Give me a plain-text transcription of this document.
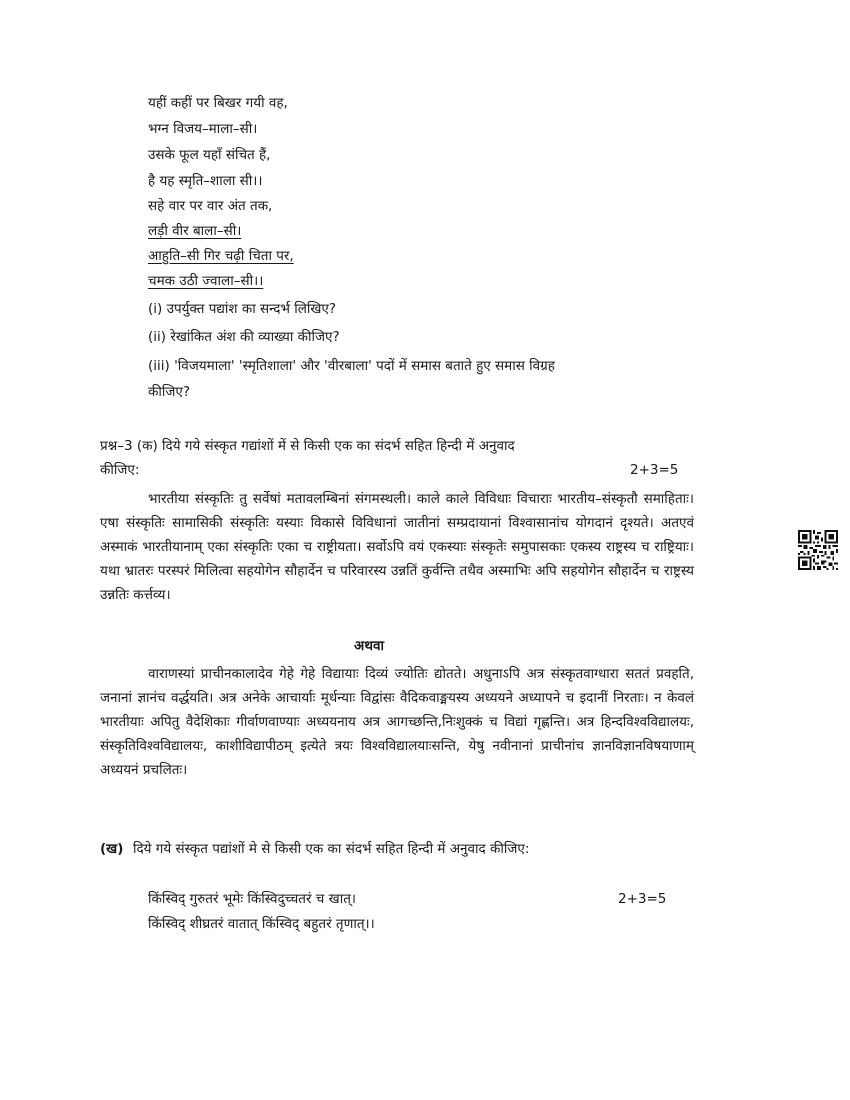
यहीं कहीं पर बिखर गयी वह,
भग्न विजय–माला–सी।
उसके फूल यहाँ संचित हैं,
है यह स्मृति–शाला सी।।
सहे वार पर वार अंत तक,
लड़ी वीर बाला–सी।
आहुति–सी गिर चढ़ी चिता पर,
चमक उठी ज्वाला–सी।।
(i) उपर्युक्त पद्यांश का सन्दर्भ लिखिए?
(ii) रेखांकित अंश की व्याख्या कीजिए?
(iii) 'विजयमाला' 'स्मृतिशाला' और 'वीरबाला' पदों में समास बताते हुए समास विग्रह
कीजिए?
प्रश्न–3 (क) दिये गये संस्कृत गद्यांशों में से किसी एक का संदर्भ सहित हिन्दी में अनुवाद
कीजिए:	2+3=5
भारतीया संस्कृतिः तु सर्वेषां मतावलम्बिनां संगमस्थली। काले काले विविधाः विचाराः भारतीय–संस्कृतौ समाहिताः। एषा संस्कृतिः सामासिकी संस्कृतिः यस्याः विकासे विविधानां जातीनां सम्प्रदायानां विश्वासानांच योगदानं दृश्यते। अतएवं अस्माकं भारतीयानाम् एका संस्कृतिः एका च राष्ट्रीयता। सर्वोऽपि वयं एकस्याः संस्कृतेः समुपासकाः एकस्य राष्ट्रस्य च राष्ट्रियाः। यथा भ्रातरः परस्परं मिलित्वा सहयोगेन सौहार्देन च परिवारस्य उन्नतिं कुर्वन्ति तथैव अस्माभिः अपि सहयोगेन सौहार्देन च राष्ट्रस्य उन्नतिः कर्त्तव्य।
अथवा
वाराणस्यां प्राचीनकालादेव गेहे गेहे विद्यायाः दिव्यं ज्योतिः द्योतते। अधुनाऽपि अत्र संस्कृतवाग्धारा सततं प्रवहति, जनानां ज्ञानंच वर्द्धयति। अत्र अनेके आचार्याः मूर्धन्याः विद्वांसः वैदिकवाङ्मयस्य अध्ययने अध्यापने च इदानीं निरताः। न केवलं भारतीयाः अपितु वैदेशिकाः गीर्वाणवाण्याः अध्ययनाय अत्र आगच्छन्ति,निःशुक्कं च विद्यां गृह्णन्ति। अत्र हिन्दविश्वविद्यालयः, संस्कृतिविश्वविद्यालयः, काशीविद्यापीठम् इत्येते त्रयः विश्वविद्यालयाःसन्ति, येषु नवीनानां प्राचीनांच ज्ञानविज्ञानविषयाणाम् अध्ययनं प्रचलितः।
(ख) दिये गये संस्कृत पद्यांशों मे से किसी एक का संदर्भ सहित हिन्दी में अनुवाद कीजिए:
किंस्विद् गुरुतरं भूमेः किंस्विदुच्चतरं च खात्।	2+3=5
किंस्विद् शीघ्रतरं वातात् किंस्विद् बहुतरं तृणात्।।
